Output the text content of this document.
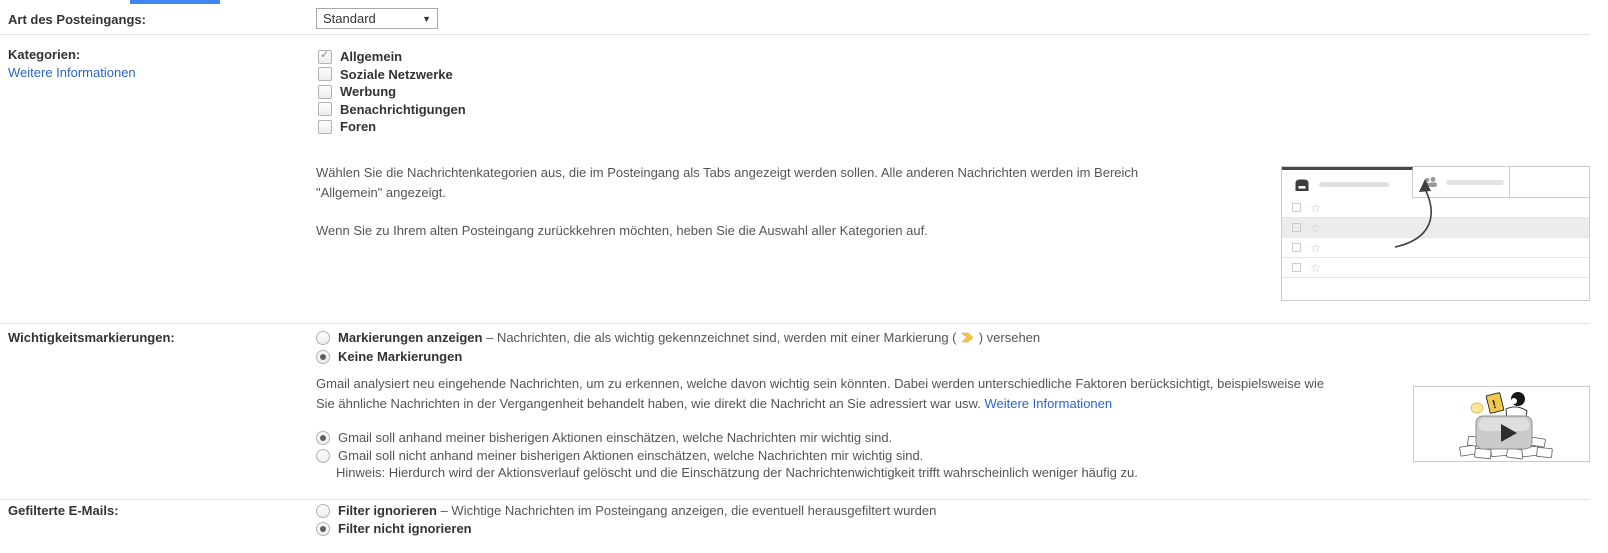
Art des Posteingangs:	Standard	▼
Kategorien:
Weitere Informationen
✓ Allgemein
Soziale Netzwerke
Werbung
Benachrichtigungen
Foren
Wählen Sie die Nachrichtenkategorien aus, die im Posteingang als Tabs angezeigt werden sollen. Alle anderen Nachrichten werden im Bereich "Allgemein" angezeigt.
Wenn Sie zu Ihrem alten Posteingang zurückkehren möchten, heben Sie die Auswahl aller Kategorien auf.
☆
☆
☆
☆
Wichtigkeitsmarkierungen:	Markierungen anzeigen – Nachrichten, die als wichtig gekennzeichnet sind, werden mit einer Markierung (  ) versehen
Keine Markierungen
Gmail analysiert neu eingehende Nachrichten, um zu erkennen, welche davon wichtig sein könnten. Dabei werden unterschiedliche Faktoren berücksichtigt, beispielsweise wie Sie ähnliche Nachrichten in der Vergangenheit behandelt haben, wie direkt die Nachricht an Sie adressiert war usw. Weitere Informationen
Gmail soll anhand meiner bisherigen Aktionen einschätzen, welche Nachrichten mir wichtig sind.
Gmail soll nicht anhand meiner bisherigen Aktionen einschätzen, welche Nachrichten mir wichtig sind.
Hinweis: Hierdurch wird der Aktionsverlauf gelöscht und die Einschätzung der Nachrichtenwichtigkeit trifft wahrscheinlich weniger häufig zu.
!
Gefilterte E-Mails:	Filter ignorieren – Wichtige Nachrichten im Posteingang anzeigen, die eventuell herausgefiltert wurden
Filter nicht ignorieren
